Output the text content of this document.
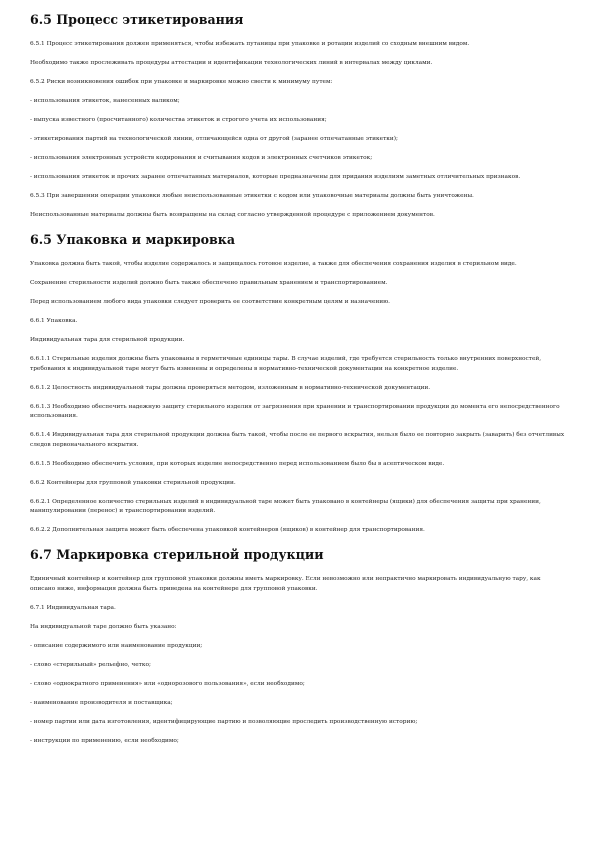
6.5 Процесс этикетирования

6.5.1 Процесс этикетирования должен применяться, чтобы избежать путаницы при упаковке и ротации изделий со сходным внешним видом.

Необходимо также прослеживать процедуры аттестации и идентификации технологических линий в интервалах между циклами.

6.5.2 Риски возникновения ошибок при упаковке и маркировке можно свести к минимуму путем:

- использования этикеток, нанесенных валиком;

- выпуска известного (просчитанного) количества этикеток и строгого учета их использования;

- этикетирования партий на технологической линии, отличающейся одна от другой (заранее отпечатанные этикетки);

- использования электронных устройств кодирования и считывания кодов и электронных счетчиков этикеток;

- использования этикеток и прочих заранее отпечатанных материалов, которые предназначены для придания изделиям заметных отличительных признаков.

6.5.3 При завершении операции упаковки любые неиспользованные этикетки с кодом или упаковочные материалы должны быть уничтожены.

Неиспользованные материалы должны быть возвращены на склад согласно утвержденной процедуре с приложением документов.

6.5 Упаковка и маркировка

Упаковка должна быть такой, чтобы изделие содержалось и защищалось готовое изделие, а также для обеспечения сохранения изделия в стерильном виде.

Сохранение стерильности изделий должно быть также обеспечено правильным хранением и транспортированием.

Перед использованием любого вида упаковки следует проверить ее соответствие конкретным целям и назначению.

6.6.1 Упаковка.

Индивидуальная тара для стерильной продукции.

6.6.1.1 Стерильные изделия должны быть упакованы в герметичные единицы тары. В случае изделий, где требуется стерильность только внутренних поверхностей, требования к индивидуальной таре могут быть изменены и определены в нормативно-технической документации на конкретное изделие.

6.6.1.2 Целостность индивидуальной тары должна проверяться методом, изложенным в нормативно-технической документации.

6.6.1.3 Необходимо обеспечить надежную защиту стерильного изделия от загрязнения при хранении и транспортировании продукции до момента его непосредственного использования.

6.6.1.4 Индивидуальная тара для стерильной продукции должна быть такой, чтобы после ее первого вскрытия, нельзя было ее повторно закрыть (заварить) без отчетливых следов первоначального вскрытия.

6.6.1.5 Необходимо обеспечить условия, при которых изделие непосредственно перед использованием было бы в асептическом виде.

6.6.2 Контейнеры для групповой упаковки стерильной продукции.

6.6.2.1 Определенное количество стерильных изделий в индивидуальной таре может быть упаковано в контейнеры (ящики) для обеспечения защиты при хранении, манипулировании (перенос) и транспортировании изделий.

6.6.2.2 Дополнительная защита может быть обеспечена упаковкой контейнеров (ящиков) в контейнер для транспортирования.

6.7 Маркировка стерильной продукции

Единичный контейнер и контейнер для групповой упаковки должны иметь маркировку. Если невозможно или непрактично маркировать индивидуальную тару, как описано ниже, информация должна быть приведена на контейнере для групповой упаковки.

6.7.1 Индивидуальная тара.

На индивидуальной таре должно быть указано:

- описание содержимого или наименование продукции;

- слово «стерильный» рельефно, четко;

- слово «однократного применения» или «однорозового пользования», если необходимо;

- наименование производителя и поставщика;

- номер партии или дата изготовления, идентифицирующие партию и позволяющие проследить производственную историю;

- инструкции по применению, если необходимо;
